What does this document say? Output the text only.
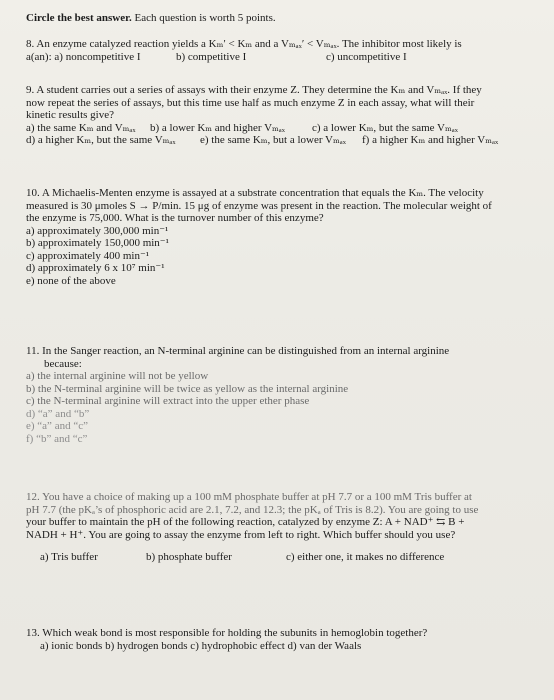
Circle the best answer. Each question is worth 5 points.
8. An enzyme catalyzed reaction yields a Kₘ′ < Kₘ and a Vₘₐₓ′ < Vₘₐₓ. The inhibitor most likely is
a(an): a) noncompetitive I	b) competitive I	c) uncompetitive I
9. A student carries out a series of assays with their enzyme Z. They determine the Kₘ and Vₘₐₓ. If they
now repeat the series of assays, but this time use half as much enzyme Z in each assay, what will their
kinetic results give?
a) the same Kₘ and Vₘₐₓ b) a lower Kₘ and higher Vₘₐₓ c) a lower Kₘ, but the same Vₘₐₓ
d) a higher Kₘ, but the same Vₘₐₓ e) the same Kₘ, but a lower Vₘₐₓ f) a higher Kₘ and higher Vₘₐₓ
10. A Michaelis-Menten enzyme is assayed at a substrate concentration that equals the Kₘ. The velocity
measured is 30 μmoles S → P/min. 15 μg of enzyme was present in the reaction. The molecular weight of
the enzyme is 75,000. What is the turnover number of this enzyme?
a) approximately 300,000 min⁻¹
b) approximately 150,000 min⁻¹
c) approximately 400 min⁻¹
d) approximately 6 x 10⁷ min⁻¹
e) none of the above
11. In the Sanger reaction, an N-terminal arginine can be distinguished from an internal arginine
because:
a) the internal arginine will not be yellow
b) the N-terminal arginine will be twice as yellow as the internal arginine
c) the N-terminal arginine will extract into the upper ether phase
d) “a” and “b”
e) “a” and “c”
f) “b” and “c”
12. You have a choice of making up a 100 mM phosphate buffer at pH 7.7 or a 100 mM Tris buffer at
pH 7.7 (the pKₐ’s of phosphoric acid are 2.1, 7.2, and 12.3; the pKₐ of Tris is 8.2). You are going to use
your buffer to maintain the pH of the following reaction, catalyzed by enzyme Z: A + NAD⁺ ⇆ B +
NADH + H⁺. You are going to assay the enzyme from left to right. Which buffer should you use?
a) Tris buffer	b) phosphate buffer	c) either one, it makes no difference
13. Which weak bond is most responsible for holding the subunits in hemoglobin together?
a) ionic bonds b) hydrogen bonds c) hydrophobic effect d) van der Waals
